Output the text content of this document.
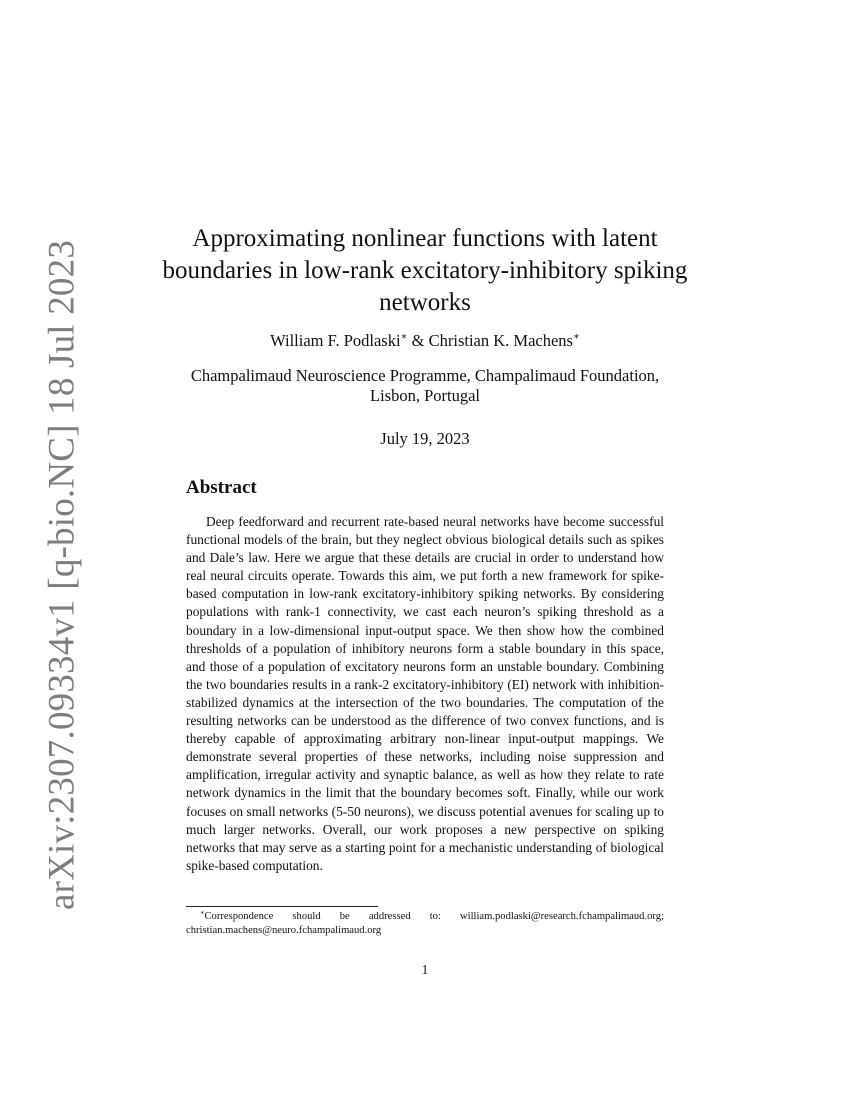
arXiv:2307.09334v1 [q-bio.NC] 18 Jul 2023
Approximating nonlinear functions with latent boundaries in low-rank excitatory-inhibitory spiking networks
William F. Podlaski∗ & Christian K. Machens∗
Champalimaud Neuroscience Programme, Champalimaud Foundation, Lisbon, Portugal
July 19, 2023
Abstract

Deep feedforward and recurrent rate-based neural networks have become successful functional models of the brain, but they neglect obvious biological details such as spikes and Dale’s law. Here we argue that these details are crucial in order to understand how real neural circuits operate. Towards this aim, we put forth a new framework for spike-based computation in low-rank excitatory-inhibitory spiking networks. By considering populations with rank-1 connectivity, we cast each neuron’s spiking threshold as a boundary in a low-dimensional input-output space. We then show how the combined thresholds of a population of inhibitory neurons form a stable boundary in this space, and those of a population of excitatory neurons form an unstable boundary. Combining the two boundaries results in a rank-2 excitatory-inhibitory (EI) network with inhibition-stabilized dynamics at the intersection of the two boundaries. The computation of the resulting networks can be understood as the difference of two convex functions, and is thereby capable of approximating arbitrary non-linear input-output mappings. We demonstrate several properties of these networks, including noise suppression and amplification, irregular activity and synaptic balance, as well as how they relate to rate network dynamics in the limit that the boundary becomes soft. Finally, while our work focuses on small networks (5-50 neurons), we discuss potential avenues for scaling up to much larger networks. Overall, our work proposes a new perspective on spiking networks that may serve as a starting point for a mechanistic understanding of biological spike-based computation.

∗Correspondence should be addressed to: william.podlaski@research.fchampalimaud.org; christian.machens@neuro.fchampalimaud.org

1
